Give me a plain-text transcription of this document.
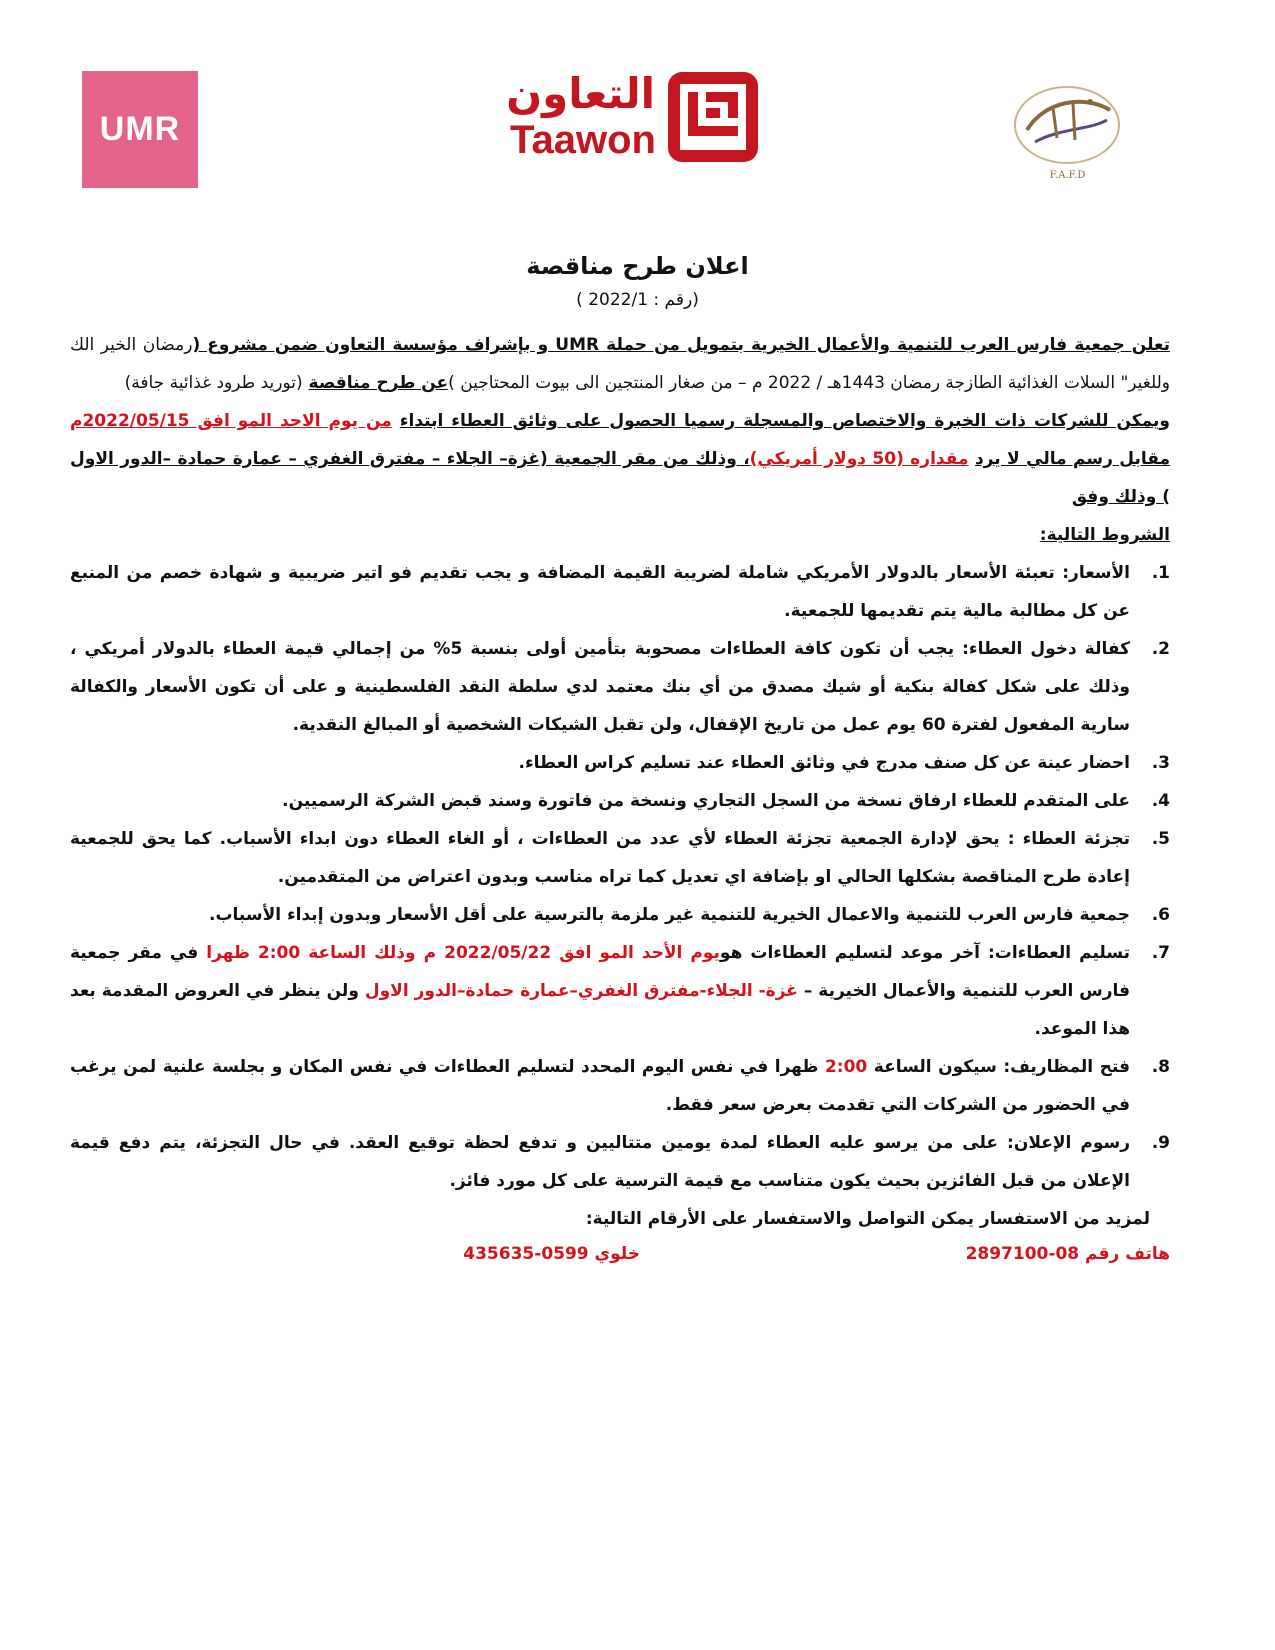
UMR
التعاون
Taawon
F.A.F.D
اعلان طرح مناقصة
(رقم : 2022/1 )

تعلن جمعية فارس العرب للتنمية والأعمال الخيرية بتمويل من حملة UMR و بإشراف مؤسسة التعاون ضمن مشروع (رمضان الخير الك وللغير" السلات الغذائية الطازجة رمضان 1443هـ / 2022 م – من صغار المنتجين الى بيوت المحتاجين )عن طرح مناقصة (توريد طرود غذائية جافة)

ويمكن للشركات ذات الخبرة والاختصاص والمسجلة رسميا الحصول على وثائق العطاء ابتداء من يوم الاحد المو افق 2022/05/15م مقابل رسم مالي لا يرد مقداره (50 دولار أمريكي)، وذلك من مقر الجمعية (غزة– الجلاء – مفترق الغفري – عمارة حمادة –الدور الاول ) وذلك وفق

الشروط التالية:

1.
الأسعار: تعبئة الأسعار بالدولار الأمريكي شاملة لضريبة القيمة المضافة و يجب تقديم فو اتير ضريبية و شهادة خصم من المنبع عن كل مطالبة مالية يتم تقديمها للجمعية.
2.
كفالة دخول العطاء: يجب أن تكون كافة العطاءات مصحوبة بتأمين أولى بنسبة 5% من إجمالي قيمة العطاء بالدولار أمريكي ، وذلك على شكل كفالة بنكية أو شيك مصدق من أي بنك معتمد لدي سلطة النقد الفلسطينية و على أن تكون الأسعار والكفالة سارية المفعول لفترة 60 يوم عمل من تاريخ الإقفال، ولن تقبل الشيكات الشخصية أو المبالغ النقدية.
3.
احضار عينة عن كل صنف مدرج في وثائق العطاء عند تسليم كراس العطاء.
4.
على المتقدم للعطاء ارفاق نسخة من السجل التجاري ونسخة من فاتورة وسند قبض الشركة الرسميين.
5.
تجزئة العطاء : يحق لإدارة الجمعية تجزئة العطاء لأي عدد من العطاءات ، أو الغاء العطاء دون ابداء الأسباب. كما يحق للجمعية إعادة طرح المناقصة بشكلها الحالي او بإضافة اي تعديل كما تراه مناسب وبدون اعتراض من المتقدمين.
6.
جمعية فارس العرب للتنمية والاعمال الخيرية للتنمية غير ملزمة بالترسية على أقل الأسعار وبدون إبداء الأسباب.
7.
تسليم العطاءات: آخر موعد لتسليم العطاءات هويوم الأحد المو افق 2022/05/22 م وذلك الساعة 2:00 ظهرا في مقر جمعية فارس العرب للتنمية والأعمال الخيرية – غزة- الجلاء-مفترق الغفري–عمارة حمادة–الدور الاول ولن ينظر في العروض المقدمة بعد هذا الموعد.
8.
فتح المظاريف: سيكون الساعة 2:00 ظهرا في نفس اليوم المحدد لتسليم العطاءات في نفس المكان و بجلسة علنية لمن يرغب في الحضور من الشركات التي تقدمت بعرض سعر فقط.
9.
رسوم الإعلان: على من يرسو عليه العطاء لمدة يومين متتاليين و تدفع لحظة توقيع العقد. في حال التجزئة، يتم دفع قيمة الإعلان من قبل الفائزين بحيث يكون متناسب مع قيمة الترسية على كل مورد فائز.

لمزيد من الاستفسار يمكن التواصل والاستفسار على الأرقام التالية:

هاتف رقم 08-2897100
خلوي 0599-435635
